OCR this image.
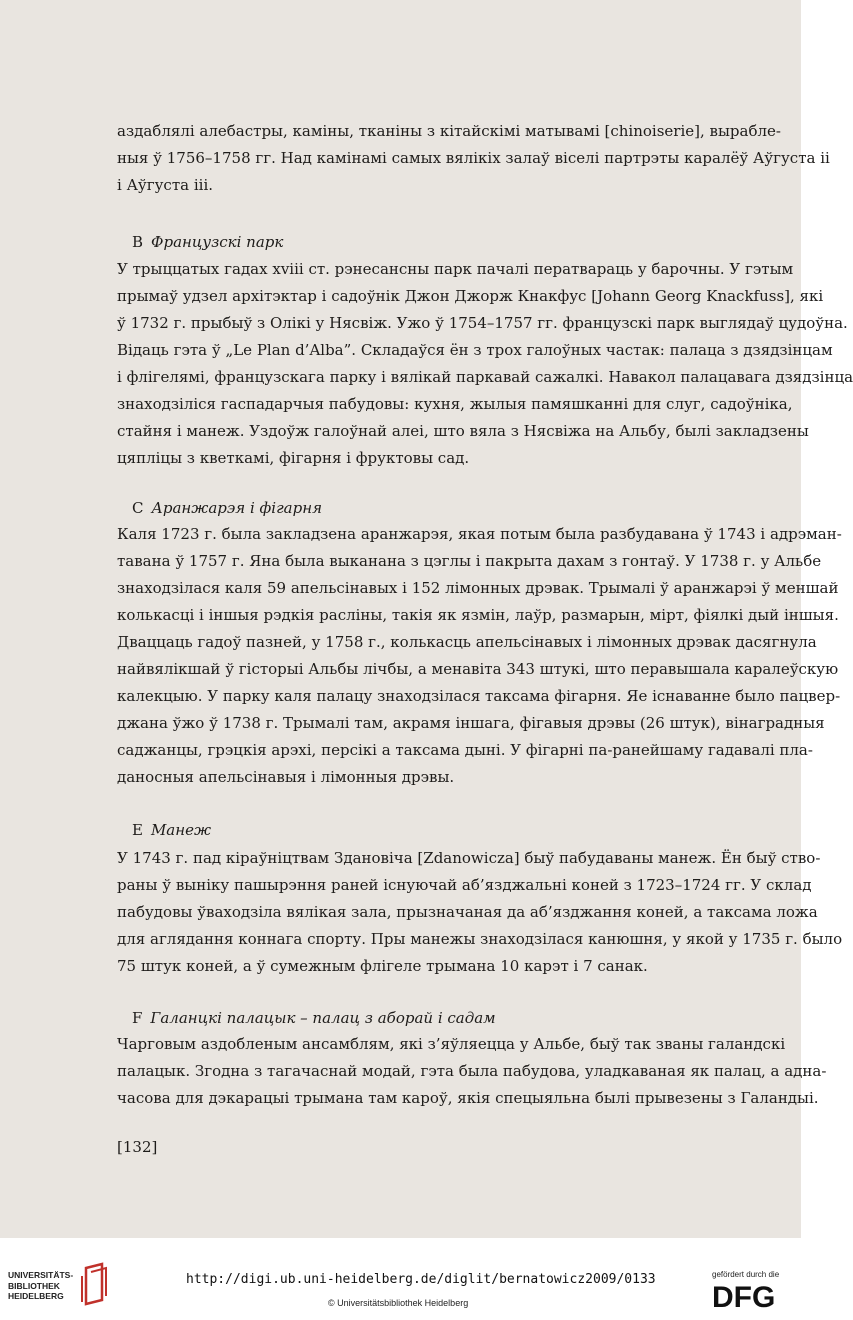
аздаблялі алебастры, каміны, тканіны з кітайскімі матывамі [chinoiserie], вырабле-
ныя ў 1756–1758 гг. Над камінамі самых вялікіх залаў віселі партрэты каралёў Аўгуста ii
і Аўгуста iii.
B Французскі парк
У трыццатых гадах xviii ст. рэнесансны парк пачалі ператвараць у барочны. У гэтым
прымаў удзел архітэктар і садоўнік Джон Джорж Кнакфус [Johann Georg Knackfuss], які
ў 1732 г. прыбыў з Олікі у Нясвіж. Ужо ў 1754–1757 гг. французскі парк выглядаў цудоўна.
Відаць гэта ў „Le Plan d’Alba”. Складаўся ён з трох галоўных частак: палаца з дзядзінцам
і флігелямі, французскага парку і вялікай паркавай сажалкі. Навакол палацавага дзядзінца
знаходзіліся гаспадарчыя пабудовы: кухня, жылыя памяшканні для слуг, садоўніка,
стайня і манеж. Уздоўж галоўнай алеі, што вяла з Нясвіжа на Альбу, былі закладзены
цяпліцы з кветкамі, фігарня і фруктовы сад.
C Аранжарэя і фігарня
Каля 1723 г. была закладзена аранжарэя, якая потым была разбудавана ў 1743 і адрэман-
тавана ў 1757 г. Яна была выканана з цэглы і пакрыта дахам з гонтаў. У 1738 г. у Альбе
знаходзілася каля 59 апельсінавых і 152 лімонных дрэвак. Трымалі ў аранжарэі ў меншай
колькасці і іншыя рэдкія расліны, такія як язмін, лаўр, размарын, мірт, фіялкі дый іншыя.
Дваццаць гадоў пазней, у 1758 г., колькасць апельсінавых і лімонных дрэвак дасягнула
найвялікшай ў гісторыі Альбы лічбы, а менавіта 343 штукі, што перавышала каралеўскую
калекцыю. У парку каля палацу знаходзілася таксама фігарня. Яе існаванне было пацвер-
джана ўжо ў 1738 г. Трымалі там, акрамя іншага, фігавыя дрэвы (26 штук), вінаградныя
саджанцы, грэцкія арэхі, персікі а таксама дыні. У фігарні па-ранейшаму гадавалі пла-
даносныя апельсінавыя і лімонныя дрэвы.
E Манеж
У 1743 г. пад кіраўніцтвам Здановіча [Zdanowicza] быў пабудаваны манеж. Ён быў ство-
раны ў выніку пашырэння раней існуючай аб’язджальні коней з 1723–1724 гг. У склад
пабудовы ўваходзіла вялікая зала, прызначаная да аб’язджання коней, а таксама ложа
для аглядання коннага спорту. Пры манежы знаходзілася канюшня, у якой у 1735 г. было
75 штук коней, а ў сумежным флігеле трымана 10 карэт і 7 санак.
F Галанцкі палацык – палац з аборай і садам
Чарговым аздобленым ансамблям, які з’яўляецца у Альбе, быў так званы галандскі
палацык. Згодна з тагачаснай модай, гэта была пабудова, уладкаваная як палац, а адна-
часова для дэкарацыі трымана там кароў, якія спецыяльна былі прывезены з Галандыі.
[132]
UNIVERSITÄTS-
BIBLIOTHEK
HEIDELBERG
http://digi.ub.uni-heidelberg.de/diglit/bernatowicz2009/0133
© Universitätsbibliothek Heidelberg
gefördert durch die
DFG
